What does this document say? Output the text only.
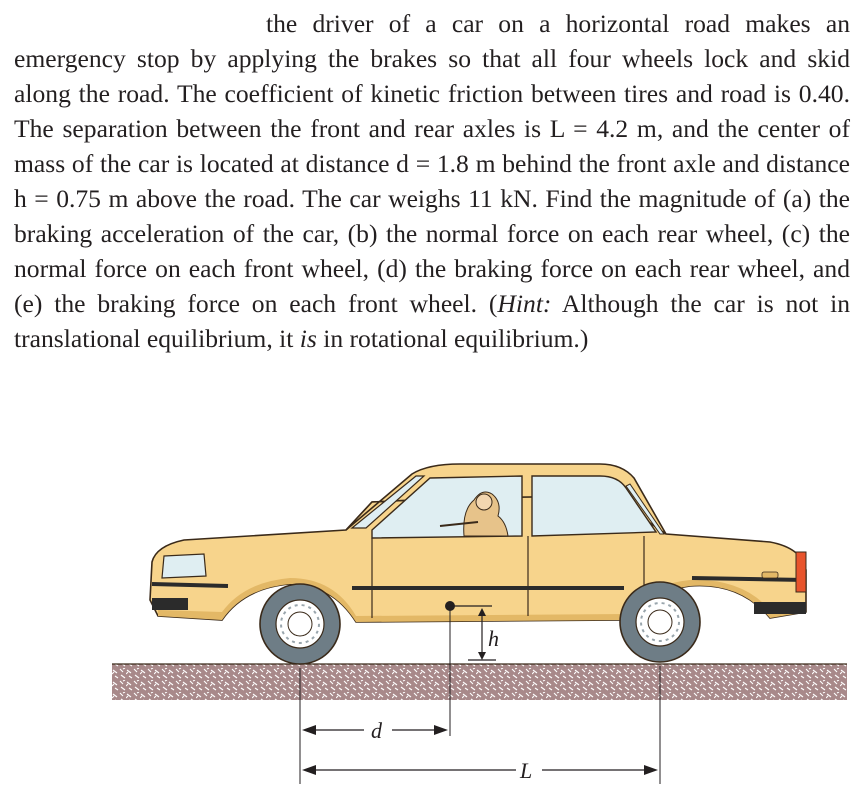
the driver of a car on a horizontal road makes an emergency stop by applying the brakes so that all four wheels lock and skid along the road. The coefficient of kinetic friction between tires and road is 0.40. The separation between the front and rear axles is L = 4.2 m, and the center of mass of the car is located at distance d = 1.8 m behind the front axle and distance h = 0.75 m above the road. The car weighs 11 kN. Find the magnitude of (a) the braking acceleration of the car, (b) the normal force on each rear wheel, (c) the normal force on each front wheel, (d) the braking force on each rear wheel, and (e) the braking force on each front wheel. (Hint: Although the car is not in translational equilibrium, it is in rotational equilibrium.)
h
d
L
